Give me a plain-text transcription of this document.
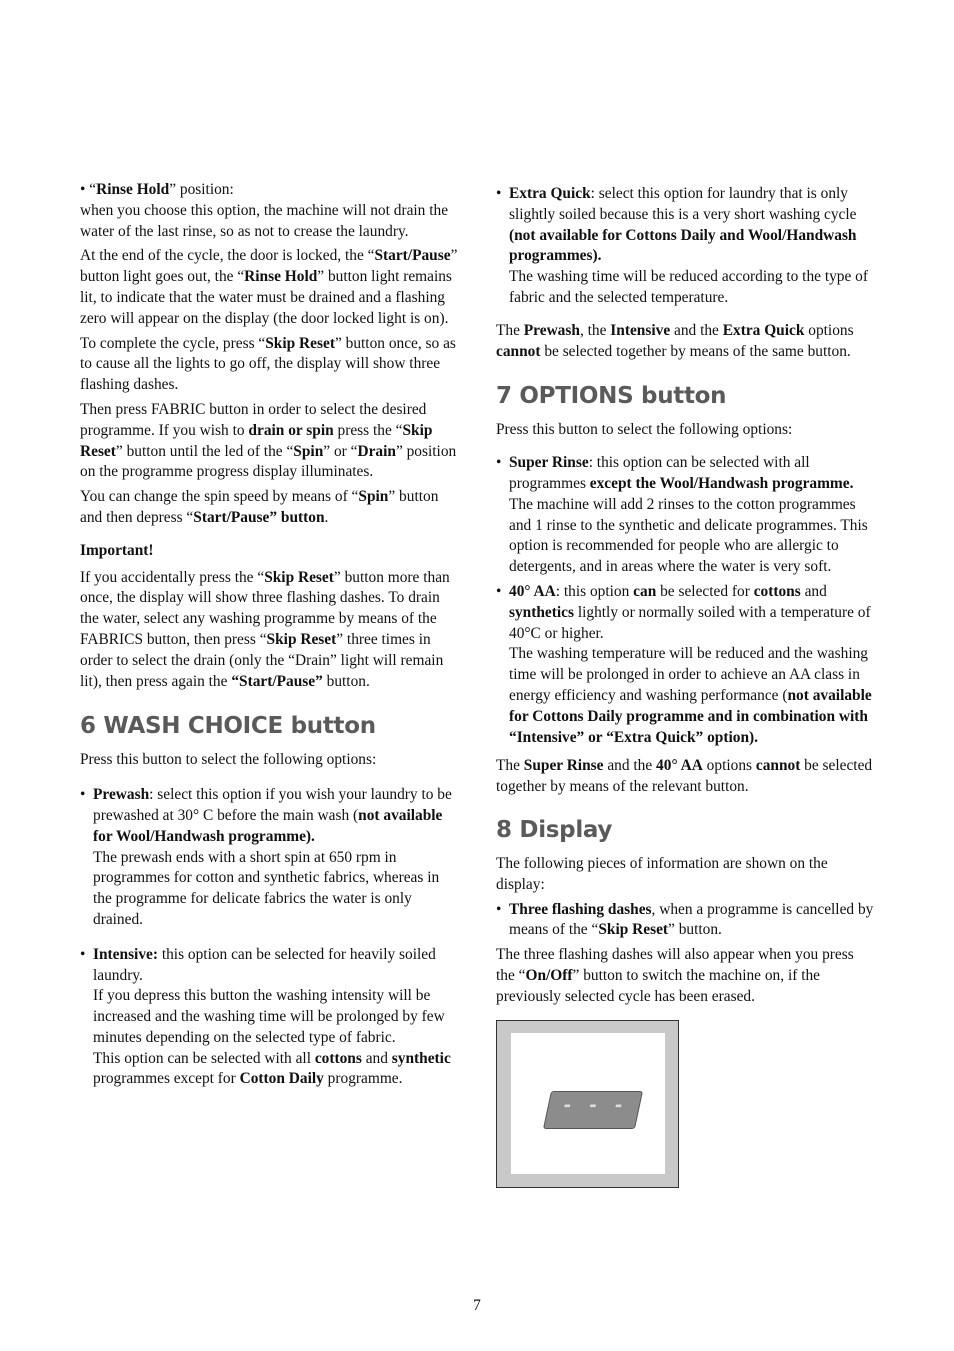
• “Rinse Hold” position:
when you choose this option, the machine will not drain the water of the last rinse, so as not to crease the laundry.

At the end of the cycle, the door is locked, the “Start/Pause” button light goes out, the “Rinse Hold” button light remains lit, to indicate that the water must be drained and a flashing zero will appear on the display (the door locked light is on).

To complete the cycle, press “Skip Reset” button once, so as to cause all the lights to go off, the display will show three flashing dashes.

Then press FABRIC button in order to select the desired programme. If you wish to drain or spin press the “Skip Reset” button until the led of the “Spin” or “Drain” position on the programme progress display illuminates.

You can change the spin speed by means of “Spin” button and then depress “Start/Pause” button.

Important!

If you accidentally press the “Skip Reset” button more than once, the display will show three flashing dashes. To drain the water, select any washing programme by means of the FABRICS button, then press “Skip Reset” three times in order to select the drain (only the “Drain” light will remain lit), then press again the “Start/Pause” button.

6 WASH CHOICE button

Press this button to select the following options:

• Prewash: select this option if you wish your laundry to be prewashed at 30° C before the main wash (not available for Wool/Handwash programme).
The prewash ends with a short spin at 650 rpm in programmes for cotton and synthetic fabrics, whereas in the programme for delicate fabrics the water is only drained.
• Intensive: this option can be selected for heavily soiled laundry.
If you depress this button the washing intensity will be increased and the washing time will be prolonged by few minutes depending on the selected type of fabric.
This option can be selected with all cottons and synthetic programmes except for Cotton Daily programme.
• Extra Quick: select this option for laundry that is only slightly soiled because this is a very short washing cycle (not available for Cottons Daily and Wool/Handwash programmes).
The washing time will be reduced according to the type of fabric and the selected temperature.

The Prewash, the Intensive and the Extra Quick options cannot be selected together by means of the same button.

7 OPTIONS button

Press this button to select the following options:

• Super Rinse: this option can be selected with all programmes except the Wool/Handwash programme. The machine will add 2 rinses to the cotton programmes and 1 rinse to the synthetic and delicate programmes. This option is recommended for people who are allergic to detergents, and in areas where the water is very soft.
• 40° AA: this option can be selected for cottons and synthetics lightly or normally soiled with a temperature of 40°C or higher.
The washing temperature will be reduced and the washing time will be prolonged in order to achieve an AA class in energy efficiency and washing performance (not available for Cottons Daily programme and in combination with “Intensive” or “Extra Quick” option).

The Super Rinse and the 40° AA options cannot be selected together by means of the relevant button.

8 Display

The following pieces of information are shown on the display:

• Three flashing dashes, when a programme is cancelled by means of the “Skip Reset” button.

The three flashing dashes will also appear when you press the “On/Off” button to switch the machine on, if the previously selected cycle has been erased.

- - -
7
